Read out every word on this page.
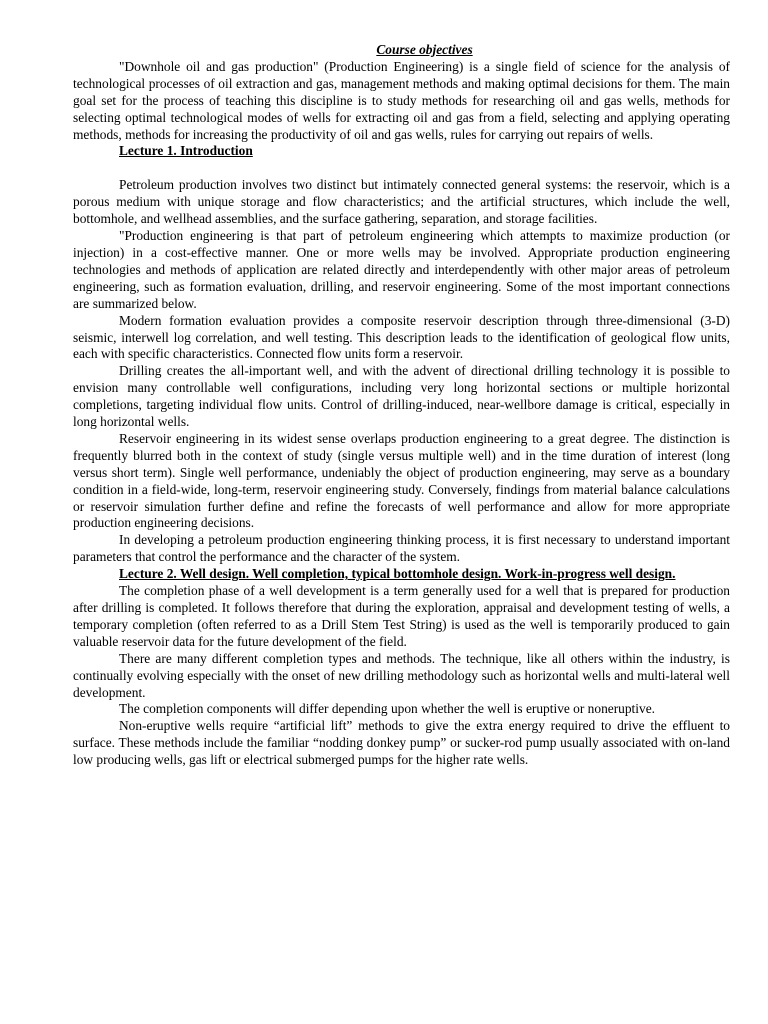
Course objectives

"Downhole oil and gas production" (Production Engineering) is a single field of science for the analysis of technological processes of oil extraction and gas, management methods and making optimal decisions for them. The main goal set for the process of teaching this discipline is to study methods for researching oil and gas wells, methods for selecting optimal technological modes of wells for extracting oil and gas from a field, selecting and applying operating methods, methods for increasing the productivity of oil and gas wells, rules for carrying out repairs of wells.

Lecture 1. Introduction

Petroleum production involves two distinct but intimately connected general systems: the reservoir, which is a porous medium with unique storage and flow characteristics; and the artificial structures, which include the well, bottomhole, and wellhead assemblies, and the surface gathering, separation, and storage facilities.

"Production engineering is that part of petroleum engineering which attempts to maximize production (or injection) in a cost-effective manner. One or more wells may be involved. Appropriate production engineering technologies and methods of application are related directly and interdependently with other major areas of petroleum engineering, such as formation evaluation, drilling, and reservoir engineering. Some of the most important connections are summarized below.

Modern formation evaluation provides a composite reservoir description through three-dimensional (3-D) seismic, interwell log correlation, and well testing. This description leads to the identification of geological flow units, each with specific characteristics. Connected flow units form a reservoir.

Drilling creates the all-important well, and with the advent of directional drilling technology it is possible to envision many controllable well configurations, including very long horizontal sections or multiple horizontal completions, targeting individual flow units. Control of drilling-induced, near-wellbore damage is critical, especially in long horizontal wells.

Reservoir engineering in its widest sense overlaps production engineering to a great degree. The distinction is frequently blurred both in the context of study (single versus multiple well) and in the time duration of interest (long versus short term). Single well performance, undeniably the object of production engineering, may serve as a boundary condition in a field-wide, long-term, reservoir engineering study. Conversely, findings from material balance calculations or reservoir simulation further define and refine the forecasts of well performance and allow for more appropriate production engineering decisions.

In developing a petroleum production engineering thinking process, it is first necessary to understand important parameters that control the performance and the character of the system.

Lecture 2. Well design. Well completion, typical bottomhole design. Work-in-progress well design.

The completion phase of a well development is a term generally used for a well that is prepared for production after drilling is completed. It follows therefore that during the exploration, appraisal and development testing of wells, a temporary completion (often referred to as a Drill Stem Test String) is used as the well is temporarily produced to gain valuable reservoir data for the future development of the field.

There are many different completion types and methods. The technique, like all others within the industry, is continually evolving especially with the onset of new drilling methodology such as horizontal wells and multi-lateral well development.

The completion components will differ depending upon whether the well is eruptive or noneruptive.

Non-eruptive wells require “artificial lift” methods to give the extra energy required to drive the effluent to surface. These methods include the familiar “nodding donkey pump” or sucker-rod pump usually associated with on-land low producing wells, gas lift or electrical submerged pumps for the higher rate wells.
